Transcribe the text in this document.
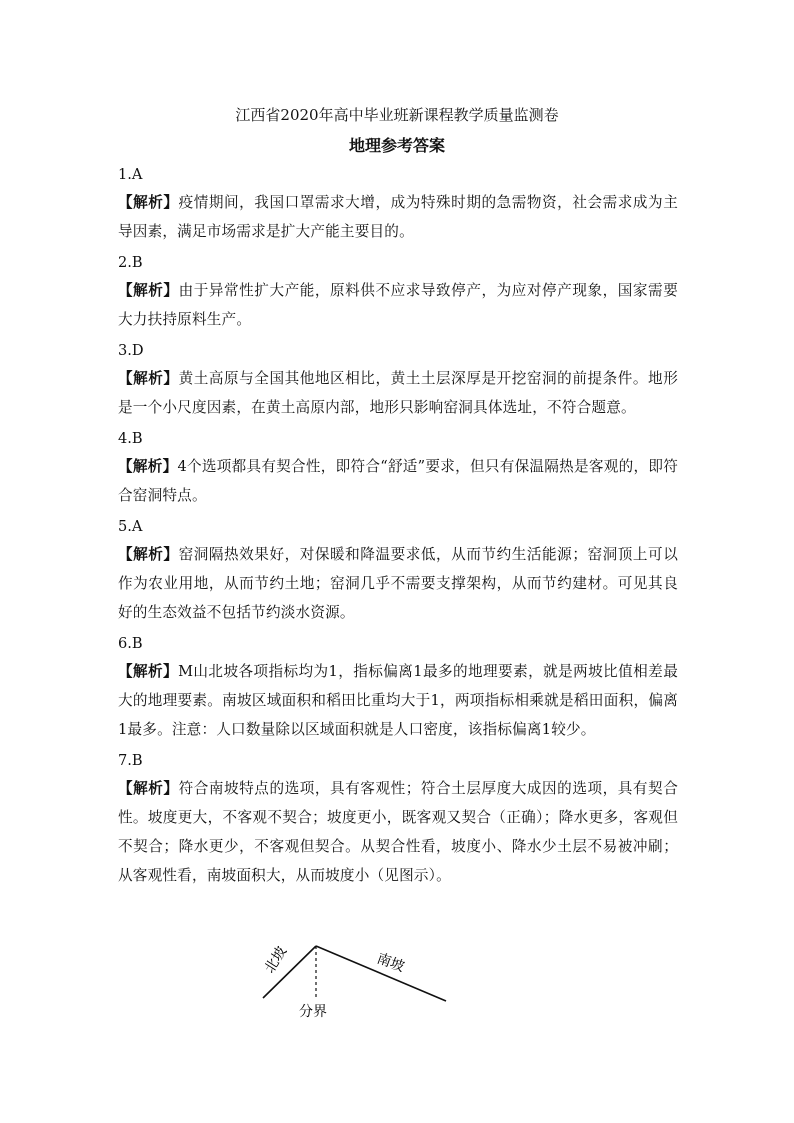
江西省2020年高中毕业班新课程教学质量监测卷
地理参考答案

1.A

【解析】疫情期间，我国口罩需求大增，成为特殊时期的急需物资，社会需求成为主导因素，满足市场需求是扩大产能主要目的。

2.B

【解析】由于异常性扩大产能，原料供不应求导致停产，为应对停产现象，国家需要大力扶持原料生产。

3.D

【解析】黄土高原与全国其他地区相比，黄土土层深厚是开挖窑洞的前提条件。地形是一个小尺度因素，在黄土高原内部，地形只影响窑洞具体选址，不符合题意。

4.B

【解析】4个选项都具有契合性，即符合“舒适”要求，但只有保温隔热是客观的，即符合窑洞特点。

5.A

【解析】窑洞隔热效果好，对保暖和降温要求低，从而节约生活能源；窑洞顶上可以作为农业用地，从而节约土地；窑洞几乎不需要支撑架构，从而节约建材。可见其良好的生态效益不包括节约淡水资源。

6.B

【解析】M山北坡各项指标均为1，指标偏离1最多的地理要素，就是两坡比值相差最大的地理要素。南坡区域面积和稻田比重均大于1，两项指标相乘就是稻田面积，偏离1最多。注意：人口数量除以区域面积就是人口密度，该指标偏离1较少。

7.B

【解析】符合南坡特点的选项，具有客观性；符合土层厚度大成因的选项，具有契合性。坡度更大，不客观不契合；坡度更小，既客观又契合（正确）；降水更多，客观但不契合；降水更少，不客观但契合。从契合性看，坡度小、降水少土层不易被冲刷；从客观性看，南坡面积大，从而坡度小（见图示）。

北坡	南坡
分界
